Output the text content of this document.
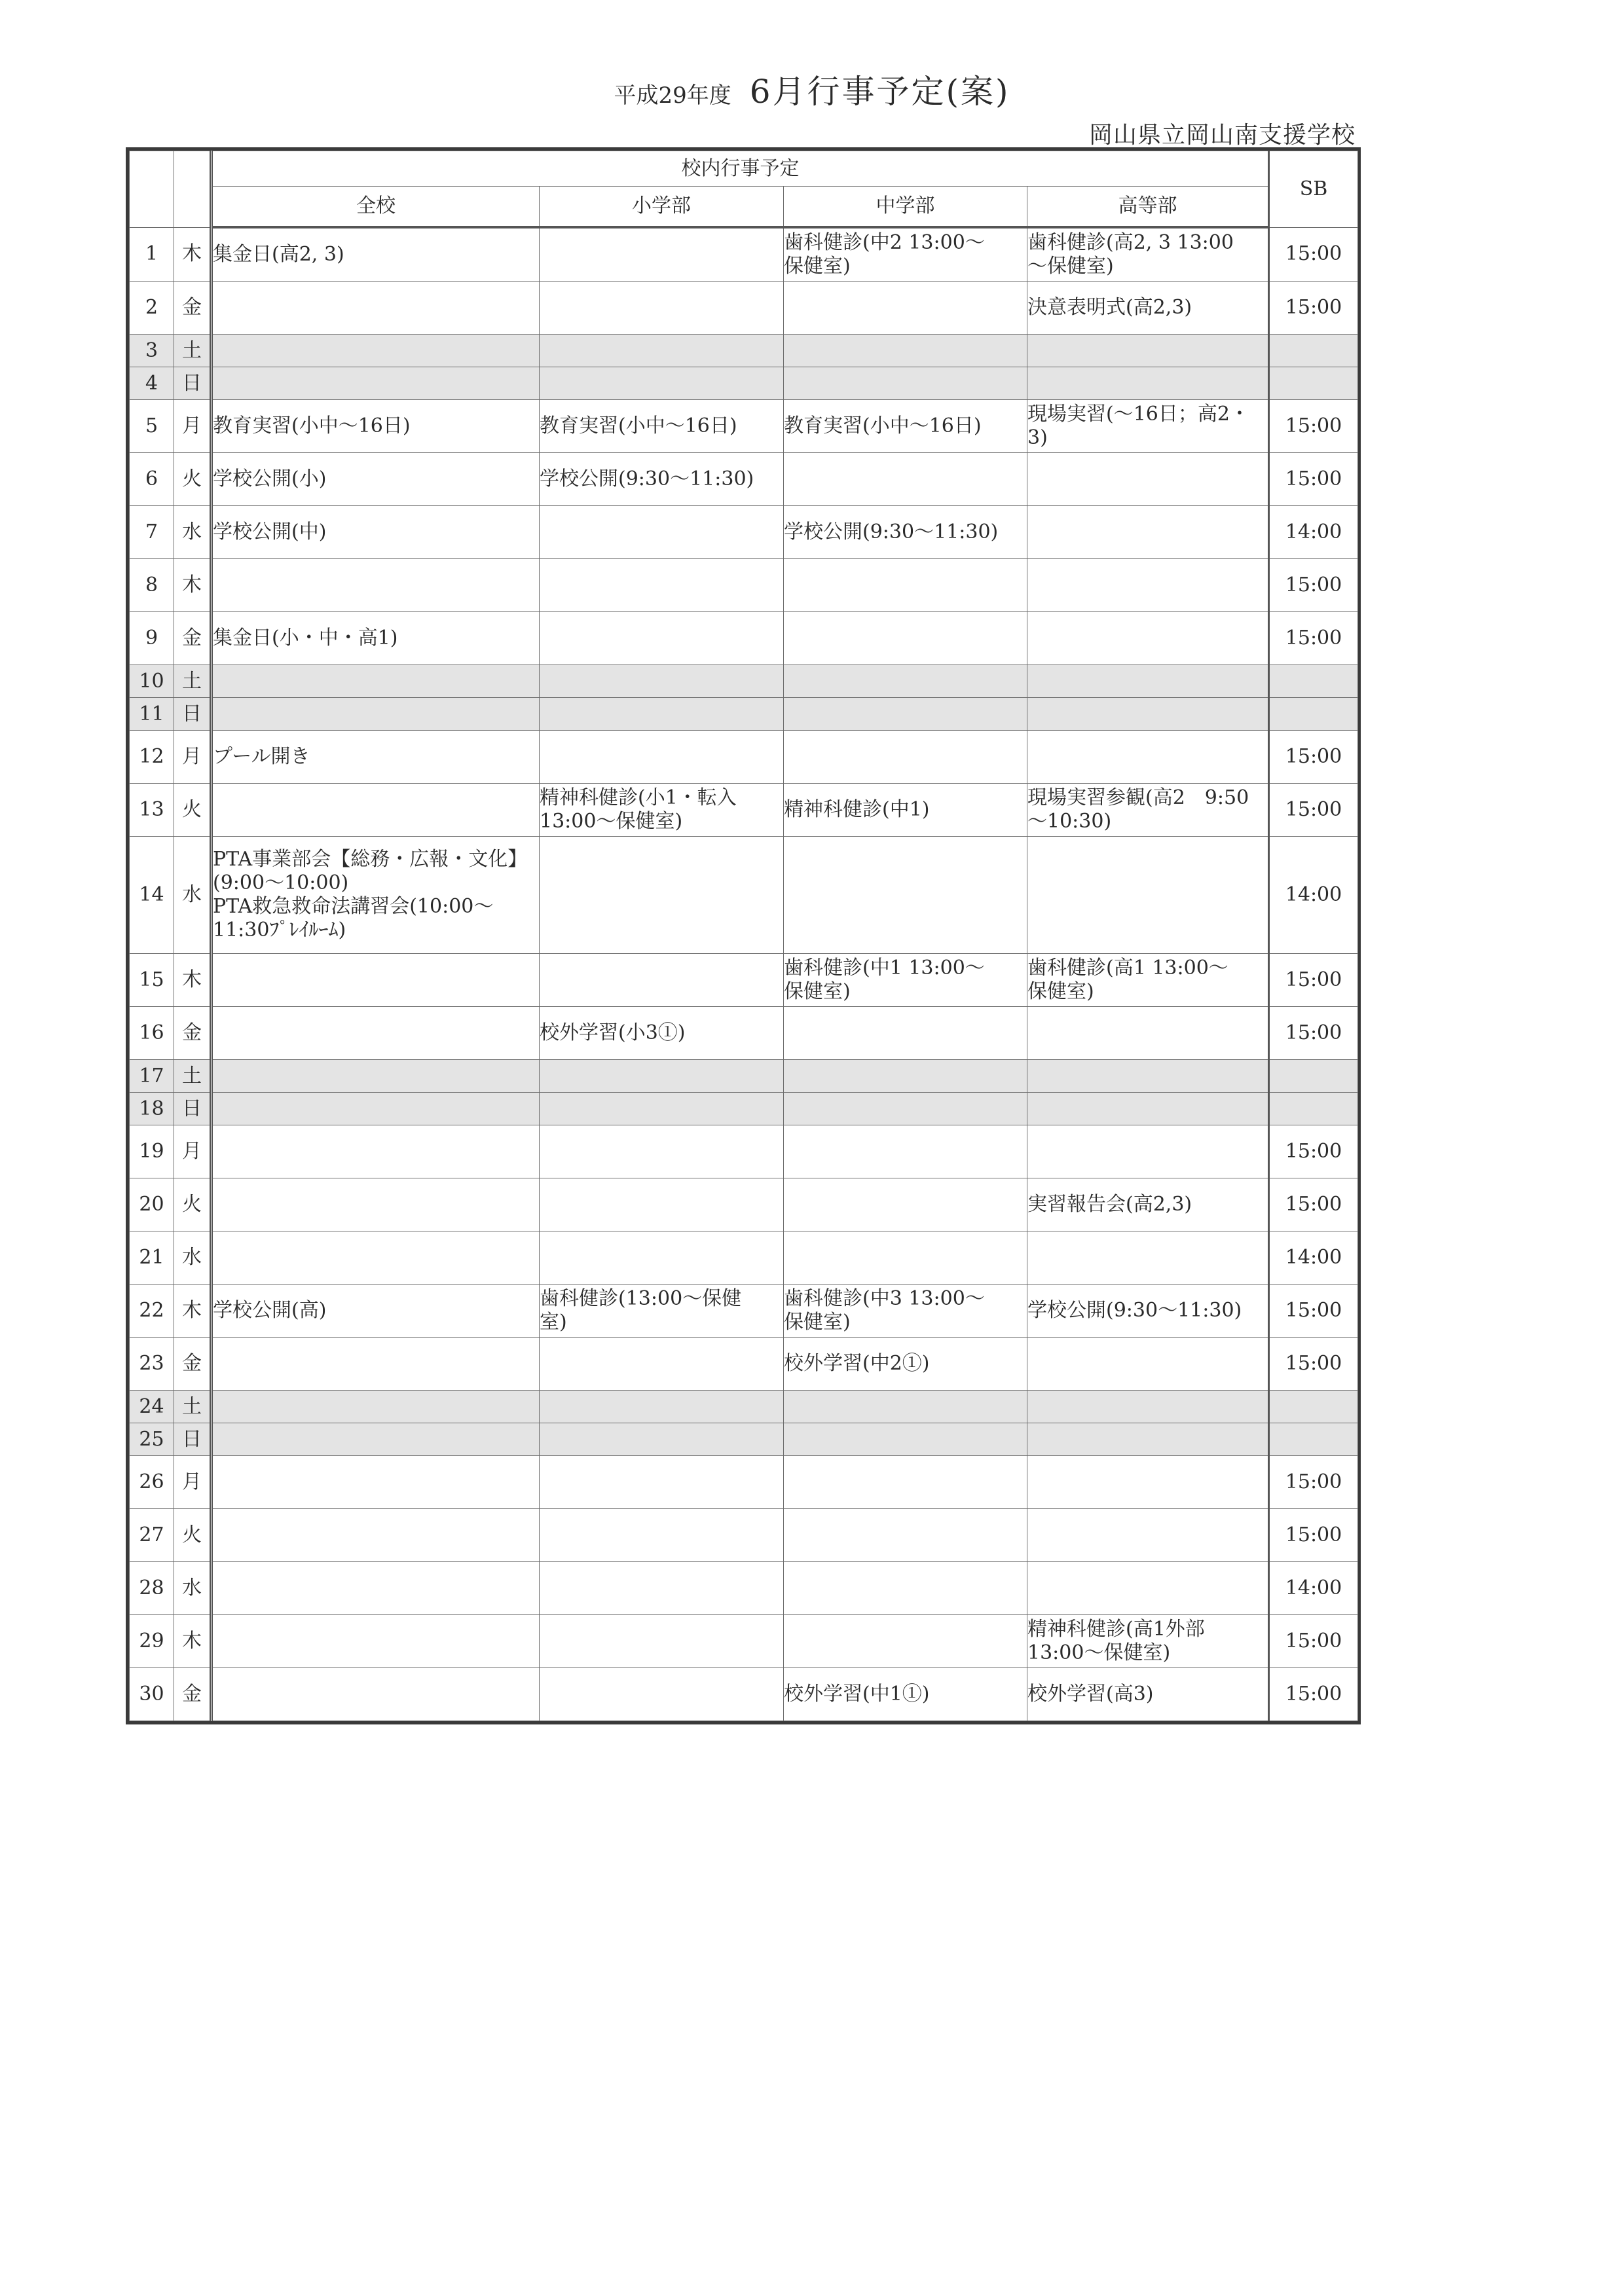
平成29年度 6月行事予定(案)
岡山県立岡山南支援学校
		校内行事予定				SB
		全校	小学部	中学部	高等部	
1	木	集金日(高2, 3)		歯科健診(中2 13:00～
保健室)	歯科健診(高2, 3 13:00
～保健室)	15:00
2	金				決意表明式(高2,3)	15:00
3	土	

4	日	

5	月	教育実習(小中～16日)	教育実習(小中～16日)	教育実習(小中～16日)	現場実習(～16日；高2・
3)	15:00
6	火	学校公開(小)	学校公開(9:30～11:30)			15:00
7	水	学校公開(中)		学校公開(9:30～11:30)		14:00
8	木					15:00
9	金	集金日(小・中・高1)				15:00
10	土	

11	日	

12	月	プール開き				15:00
13	火		精神科健診(小1・転入
13:00～保健室)	精神科健診(中1)	現場実習参観(高2　9:50
～10:30)	15:00
14	水	PTA事業部会【総務・広報・文化】
(9:00～10:00)
PTA救急救命法講習会(10:00～
11:30ﾌﾟﾚｲﾙｰﾑ)				14:00
15	木			歯科健診(中1 13:00～
保健室)	歯科健診(高1 13:00～
保健室)	15:00
16	金		校外学習(小3①)			15:00
17	土	

18	日	

19	月					15:00
20	火				実習報告会(高2,3)	15:00
21	水					14:00
22	木	学校公開(高)	歯科健診(13:00～保健
室)	歯科健診(中3 13:00～
保健室)	学校公開(9:30～11:30)	15:00
23	金			校外学習(中2①)		15:00
24	土	

25	日	

26	月					15:00
27	火					15:00
28	水					14:00
29	木				精神科健診(高1外部
13:00～保健室)	15:00
30	金			校外学習(中1①)	校外学習(高3)	15:00
